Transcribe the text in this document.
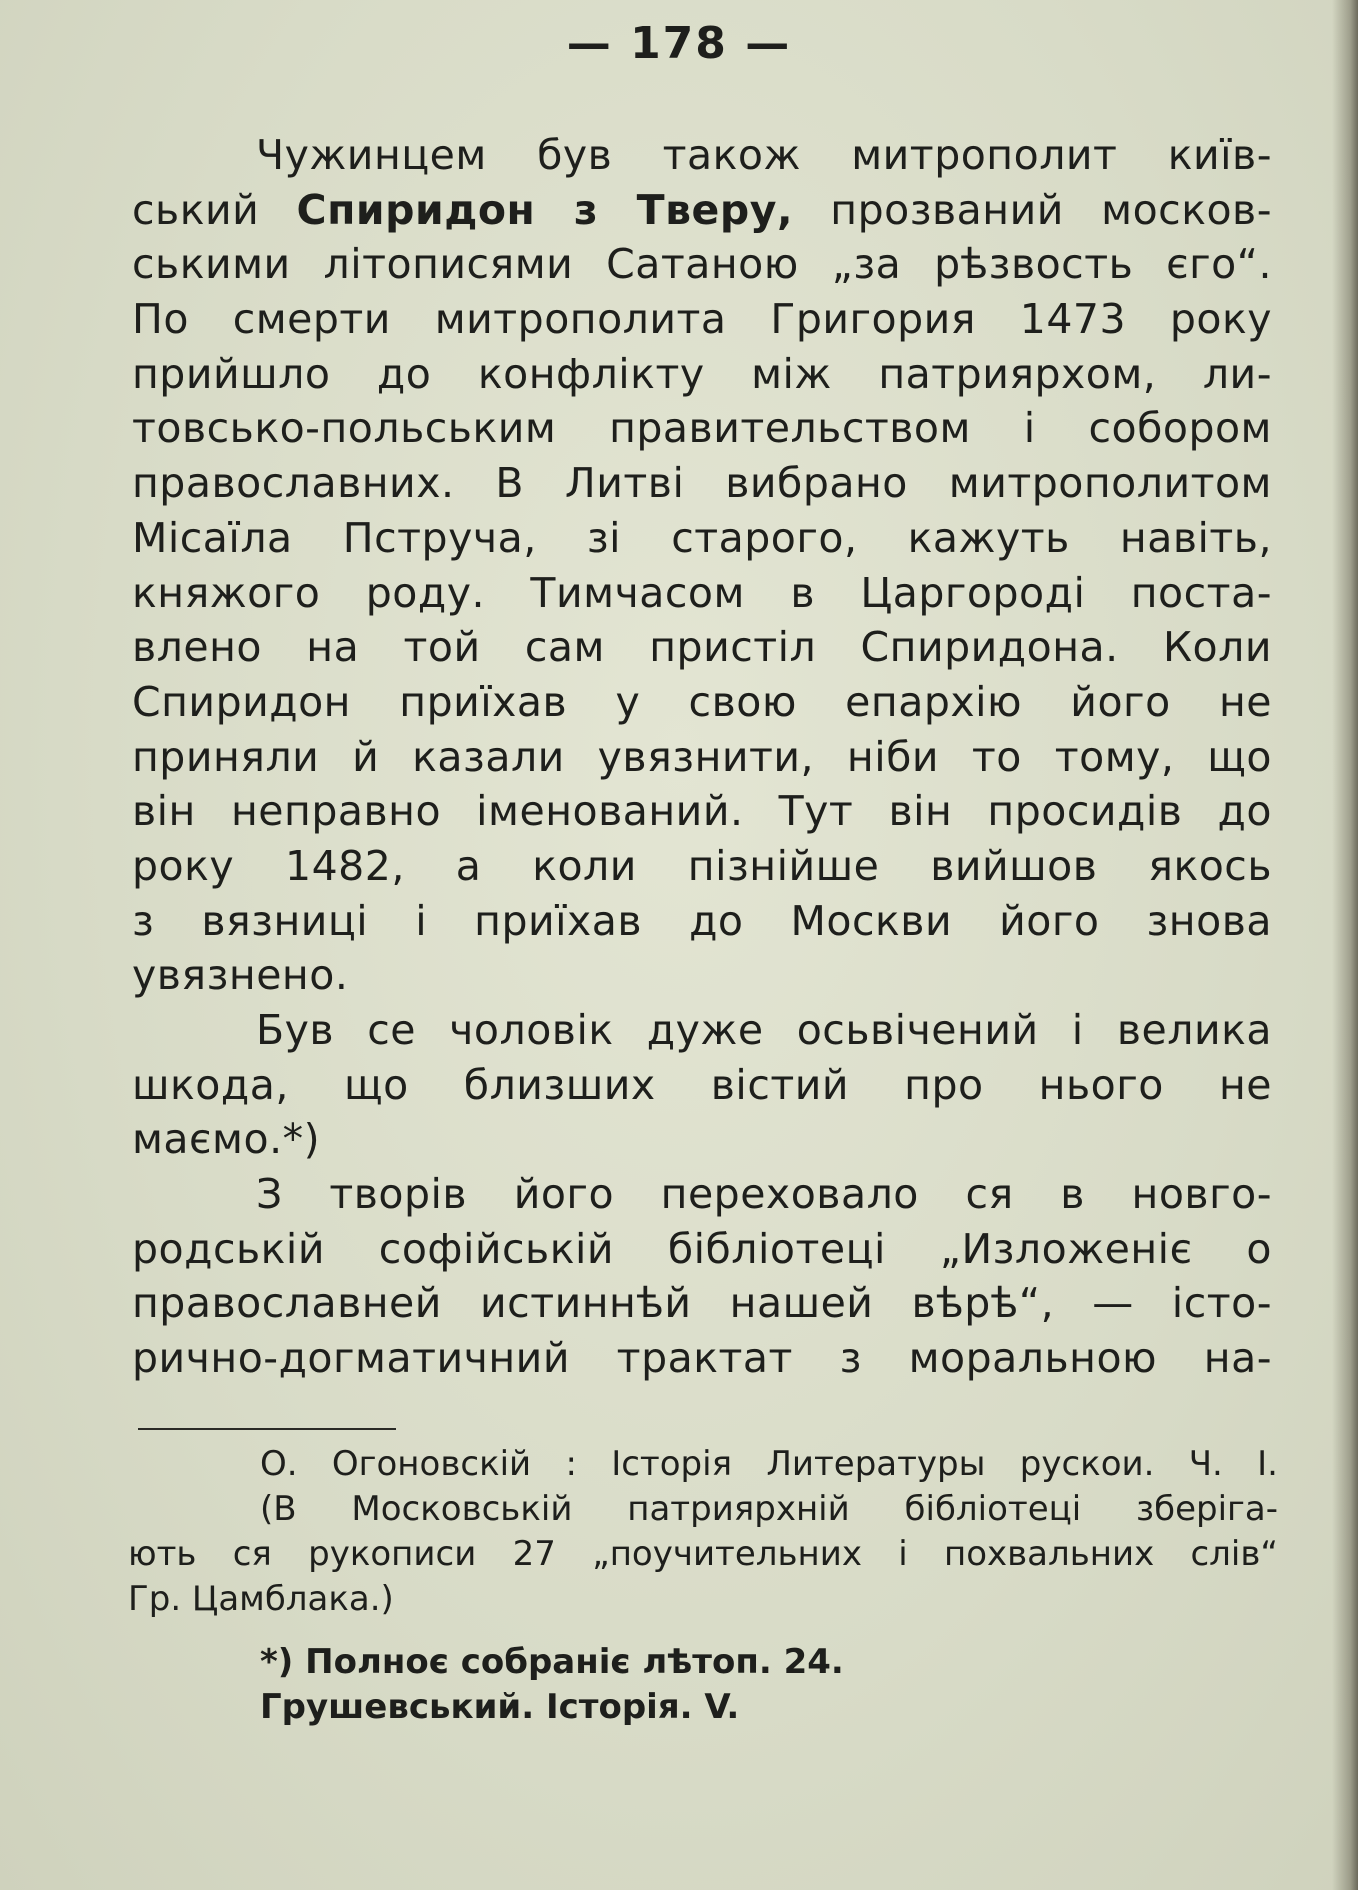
— 178 —
Чужинцем був також митрополит київ-
ський Спиридон з Тверу, прозваний москов-
ськими літописями Сатаною „за рѣзвость єго“.
По смерти митрополита Григория 1473 року
прийшло до конфлікту між патриярхом, ли-
товсько-польським правительством і собором
православних. В Литві вибрано митрополитом
Місаїла Пструча, зі старого, кажуть навіть,
княжого роду. Тимчасом в Царгороді поста-
влено на той сам пристіл Спиридона. Коли
Спиридон приїхав у свою епархію його не
приняли й казали увязнити, ніби то тому, що
він неправно іменований. Тут він просидів до
року 1482, а коли пізнійше вийшов якось
з вязниці і приїхав до Москви його знова
увязнено.
Був се чоловік дуже осьвічений і велика
шкода, що близших вістий про нього не
маємо.*)
З творів його переховало ся в новго-
родській софійській бібліотеці „Изложеніє о
православней истиннѣй нашей вѣрѣ“, — істо-
рично-догматичний трактат з моральною на-
О. Огоновскій : Історія Литературы рускои. Ч. І.
(В Московській патриярхній бібліотеці зберіга-
ють ся рукописи 27 „поучительних і похвальних слів“
Гр. Цамблака.)
*) Полноє собраніє лѣтоп. 24.
Грушевський. Історія. V.
